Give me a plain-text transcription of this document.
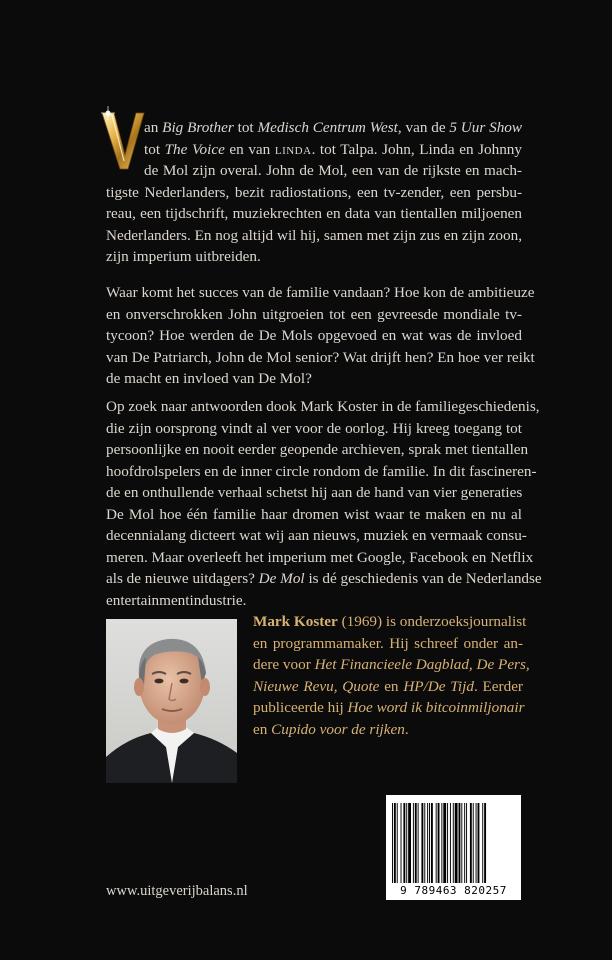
an Big Brother tot Medisch Centrum West, van de 5 Uur Show
tot The Voice en van linda. tot Talpa. John, Linda en Johnny
de Mol zijn overal. John de Mol, een van de rijkste en mach-
tigste Nederlanders, bezit radiostations, een tv-zender, een persbu-
reau, een tijdschrift, muziekrechten en data van tientallen miljoenen
Nederlanders. En nog altijd wil hij, samen met zijn zus en zijn zoon,
zijn imperium uitbreiden.
Waar komt het succes van de familie vandaan? Hoe kon de ambitieuze
en onverschrokken John uitgroeien tot een gevreesde mondiale tv-
tycoon? Hoe werden de De Mols opgevoed en wat was de invloed
van De Patriarch, John de Mol senior? Wat drijft hen? En hoe ver reikt
de macht en invloed van De Mol?
Op zoek naar antwoorden dook Mark Koster in de familiegeschiedenis,
die zijn oorsprong vindt al ver voor de oorlog. Hij kreeg toegang tot
persoonlijke en nooit eerder geopende archieven, sprak met tientallen
hoofdrolspelers en de inner circle rondom de familie. In dit fascineren-
de en onthullende verhaal schetst hij aan de hand van vier generaties
De Mol hoe één familie haar dromen wist waar te maken en nu al
decennialang dicteert wat wij aan nieuws, muziek en vermaak consu-
meren. Maar overleeft het imperium met Google, Facebook en Netflix
als de nieuwe uitdagers? De Mol is dé geschiedenis van de Nederlandse
entertainmentindustrie.
Mark Koster (1969) is onderzoeksjournalist
en programmamaker. Hij schreef onder an-
dere voor Het Financieele Dagblad, De Pers,
Nieuwe Revu, Quote en HP/De Tijd. Eerder
publiceerde hij Hoe word ik bitcoinmiljonair
en Cupido voor de rijken.
9 789463 820257
www.uitgeverijbalans.nl
